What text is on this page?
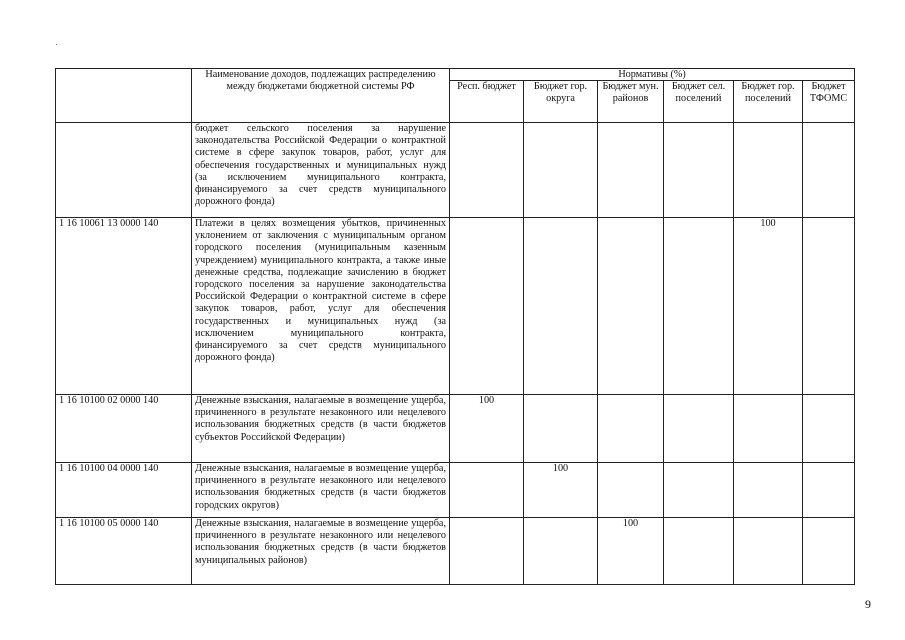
	Наименование доходов, подлежащих распределению между бюджетами бюджетной системы РФ	Нормативы (%)					
		Респ. бюджет	Бюджет гор. округа	Бюджет мун. районов	Бюджет сел. поселений	Бюджет гор. поселений	Бюджет ТФОМС
	бюджет сельского поселения за нарушение законодательства Российской Федерации о контрактной системе в сфере закупок товаров, работ, услуг для обеспечения государственных и муниципальных нужд (за исключением муниципального контракта, финансируемого за счет средств муниципального дорожного фонда)						
1 16 10061 13 0000 140	Платежи в целях возмещения убытков, причиненных уклонением от заключения с муниципальным органом городского поселения (муниципальным казенным учреждением) муниципального контракта, а также иные денежные средства, подлежащие зачислению в бюджет городского поселения за нарушение законодательства Российской Федерации о контрактной системе в сфере закупок товаров, работ, услуг для обеспечения государственных и муниципальных нужд (за исключением муниципального контракта, финансируемого за счет средств муниципального дорожного фонда)					100	
1 16 10100 02 0000 140	Денежные взыскания, налагаемые в возмещение ущерба, причиненного в результате незаконного или нецелевого использования бюджетных средств (в части бюджетов субъектов Российской Федерации)	100					
1 16 10100 04 0000 140	Денежные взыскания, налагаемые в возмещение ущерба, причиненного в результате незаконного или нецелевого использования бюджетных средств (в части бюджетов городских округов)		100				
1 16 10100 05 0000 140	Денежные взыскания, налагаемые в возмещение ущерба, причиненного в результате незаконного или нецелевого использования бюджетных средств (в части бюджетов муниципальных районов)			100			
9
